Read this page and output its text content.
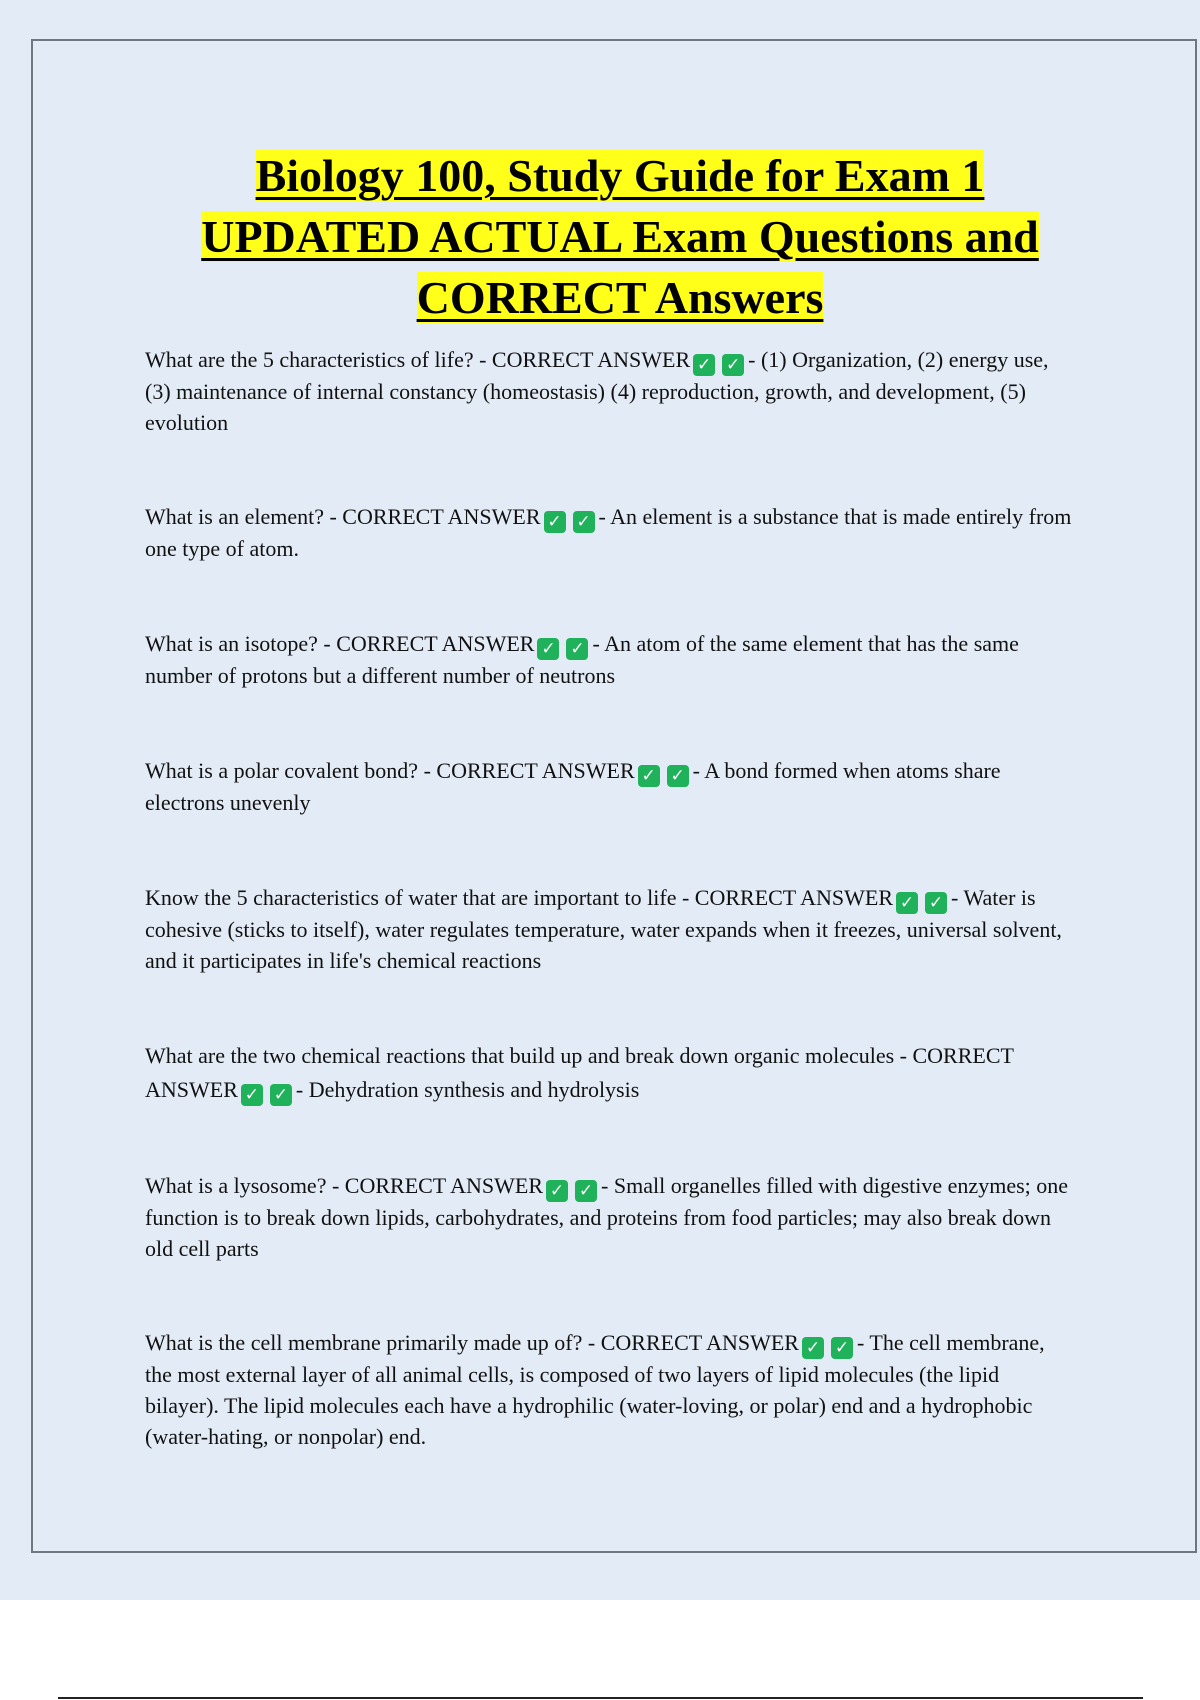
Biology 100, Study Guide for Exam 1
UPDATED ACTUAL Exam Questions and
CORRECT Answers
What are the 5 characteristics of life? - CORRECT ANSWER ✓ ✓ - (1) Organization, (2) energy use, (3) maintenance of internal constancy (homeostasis) (4) reproduction, growth, and development, (5) evolution
What is an element? - CORRECT ANSWER ✓ ✓ - An element is a substance that is made entirely from one type of atom.
What is an isotope? - CORRECT ANSWER ✓ ✓ - An atom of the same element that has the same number of protons but a different number of neutrons
What is a polar covalent bond? - CORRECT ANSWER ✓ ✓ - A bond formed when atoms share electrons unevenly
Know the 5 characteristics of water that are important to life - CORRECT ANSWER ✓ ✓ - Water is cohesive (sticks to itself), water regulates temperature, water expands when it freezes, universal solvent, and it participates in life's chemical reactions
What are the two chemical reactions that build up and break down organic molecules - CORRECT ANSWER ✓ ✓ - Dehydration synthesis and hydrolysis
What is a lysosome? - CORRECT ANSWER ✓ ✓ - Small organelles filled with digestive enzymes; one function is to break down lipids, carbohydrates, and proteins from food particles; may also break down old cell parts
What is the cell membrane primarily made up of? - CORRECT ANSWER ✓ ✓ - The cell membrane, the most external layer of all animal cells, is composed of two layers of lipid molecules (the lipid bilayer). The lipid molecules each have a hydrophilic (water-loving, or polar) end and a hydrophobic (water-hating, or nonpolar) end.
